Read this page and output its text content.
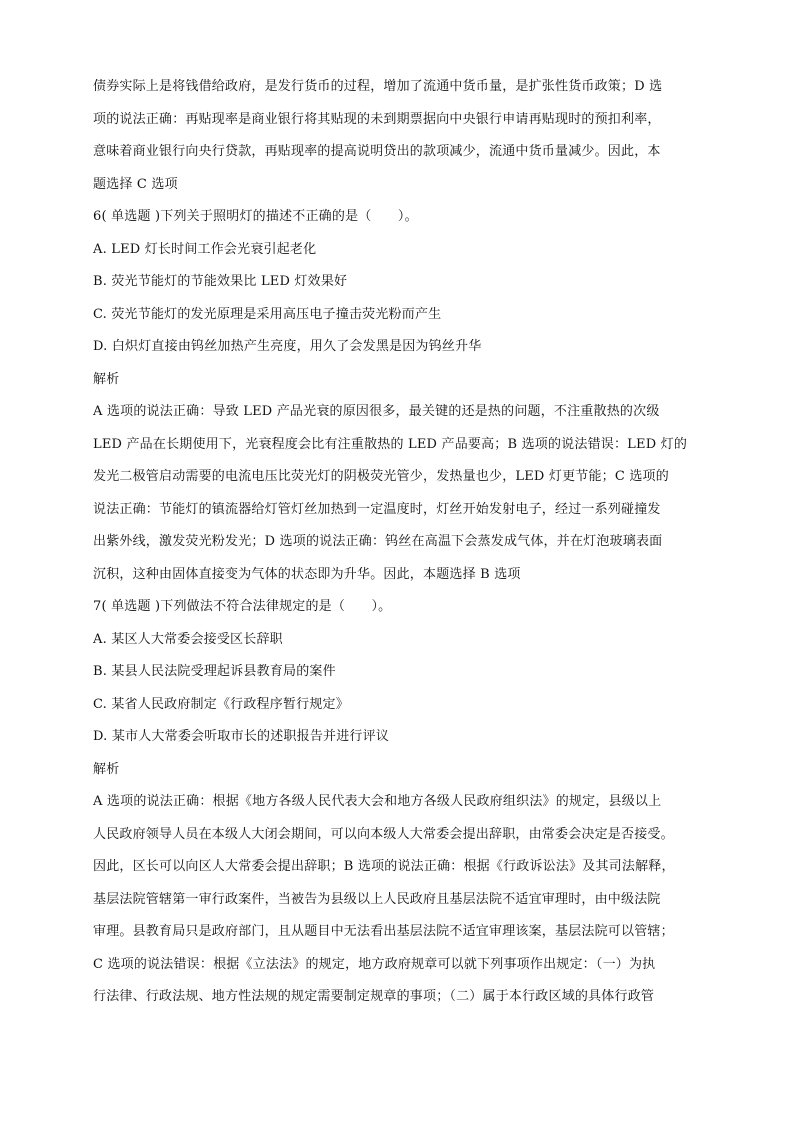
债券实际上是将钱借给政府，是发行货币的过程，增加了流通中货币量，是扩张性货币政策；D 选

项的说法正确：再贴现率是商业银行将其贴现的未到期票据向中央银行申请再贴现时的预扣利率，

意味着商业银行向央行贷款，再贴现率的提高说明贷出的款项减少，流通中货币量减少。因此，本

题选择 C 选项

6( 单选题 )下列关于照明灯的描述不正确的是（　　）。

A. LED 灯长时间工作会光衰引起老化

B. 荧光节能灯的节能效果比 LED 灯效果好

C. 荧光节能灯的发光原理是采用高压电子撞击荧光粉而产生

D. 白炽灯直接由钨丝加热产生亮度，用久了会发黑是因为钨丝升华

解析

A 选项的说法正确：导致 LED 产品光衰的原因很多，最关键的还是热的问题，不注重散热的次级

LED 产品在长期使用下，光衰程度会比有注重散热的 LED 产品要高；B 选项的说法错误：LED 灯的

发光二极管启动需要的电流电压比荧光灯的阴极荧光管少，发热量也少，LED 灯更节能；C 选项的

说法正确：节能灯的镇流器给灯管灯丝加热到一定温度时，灯丝开始发射电子，经过一系列碰撞发

出紫外线，激发荧光粉发光；D 选项的说法正确：钨丝在高温下会蒸发成气体，并在灯泡玻璃表面

沉积，这种由固体直接变为气体的状态即为升华。因此，本题选择 B 选项

7( 单选题 )下列做法不符合法律规定的是（　　）。

A. 某区人大常委会接受区长辞职

B. 某县人民法院受理起诉县教育局的案件

C. 某省人民政府制定《行政程序暂行规定》

D. 某市人大常委会听取市长的述职报告并进行评议

解析

A 选项的说法正确：根据《地方各级人民代表大会和地方各级人民政府组织法》的规定，县级以上

人民政府领导人员在本级人大闭会期间，可以向本级人大常委会提出辞职，由常委会决定是否接受。

因此，区长可以向区人大常委会提出辞职；B 选项的说法正确：根据《行政诉讼法》及其司法解释，

基层法院管辖第一审行政案件，当被告为县级以上人民政府且基层法院不适宜审理时，由中级法院

审理。县教育局只是政府部门，且从题目中无法看出基层法院不适宜审理该案，基层法院可以管辖；

C 选项的说法错误：根据《立法法》的规定，地方政府规章可以就下列事项作出规定：（一）为执

行法律、行政法规、地方性法规的规定需要制定规章的事项；（二）属于本行政区域的具体行政管
